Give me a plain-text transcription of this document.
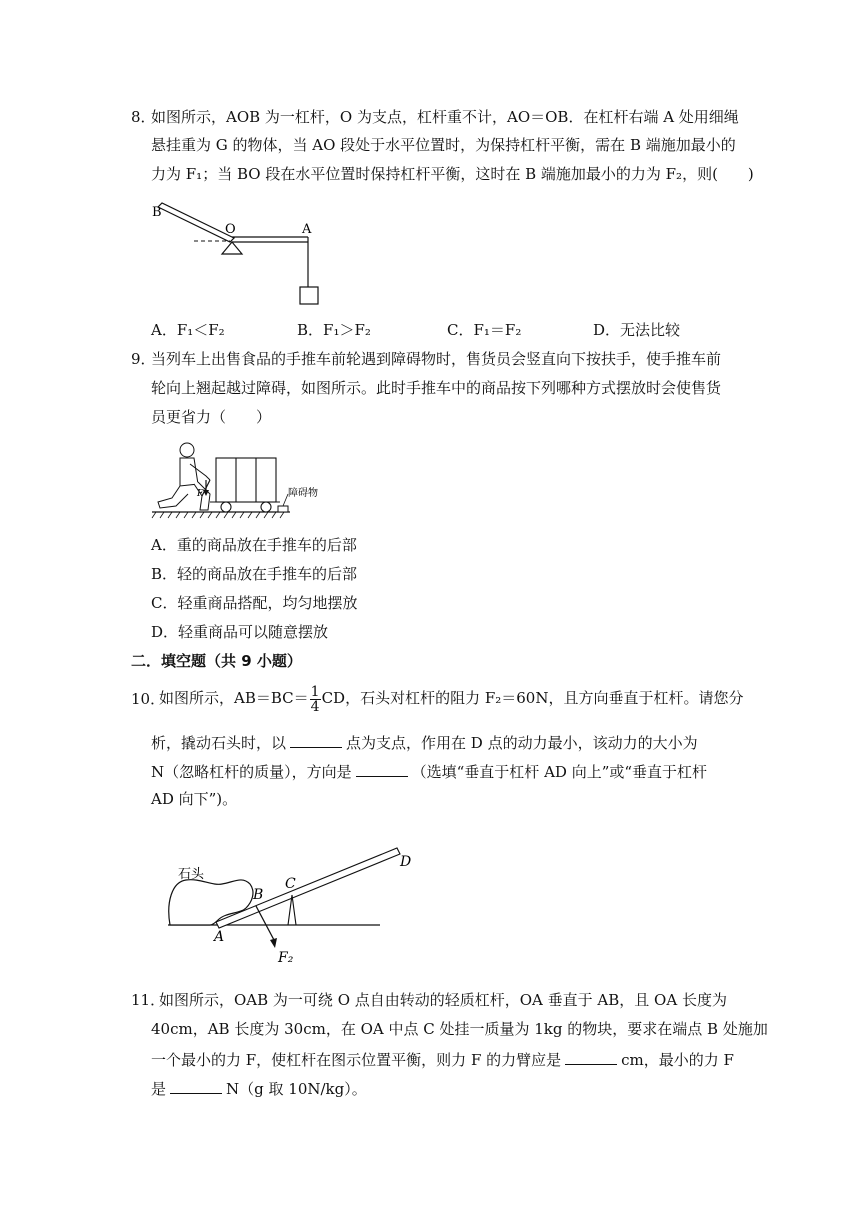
8．
如图所示，AOB 为一杠杆，O 为支点，杠杆重不计，AO＝OB．在杠杆右端 A 处用细绳
悬挂重为 G 的物体，当 AO 段处于水平位置时，为保持杠杆平衡，需在 B 端施加最小的
力为 F₁；当 BO 段在水平位置时保持杠杆平衡，这时在 B 端施加最小的力为 F₂，则(　　)
B
O	A
A．F₁＜F₂	B．F₁＞F₂	C．F₁＝F₂	D．无法比较
9．
当列车上出售食品的手推车前轮遇到障碍物时，售货员会竖直向下按扶手，使手推车前
轮向上翘起越过障碍，如图所示。此时手推车中的商品按下列哪种方式摆放时会使售货
员更省力（　　）
F	障碍物
A．重的商品放在手推车的后部
B．轻的商品放在手推车的后部
C．轻重商品搭配，均匀地摆放
D．轻重商品可以随意摆放
二．填空题（共 9 小题）
10．
如图所示，$AB=BC= \frac{1}{4}$ CD，石头对杠杆的阻力 F₂＝60N，且方向垂直于杠杆。请您分
析，撬动石头时，以	点为支点，作用在 D 点的动力最小，该动力的大小为
N（忽略杠杆的质量），方向是	（选填“垂直于杠杆 AD 向上”或“垂直于杠杆
AD 向下”)。
石头
A
B
C
D
F₂
11．
如图所示，OAB 为一可绕 O 点自由转动的轻质杠杆，OA 垂直于 AB，且 OA 长度为
40cm，AB 长度为 30cm，在 OA 中点 C 处挂一质量为 1kg 的物块，要求在端点 B 处施加
一个最小的力 F，使杠杆在图示位置平衡，则力 F 的力臂应是	cm，最小的力 F
是	N（g 取 10N/kg）。
